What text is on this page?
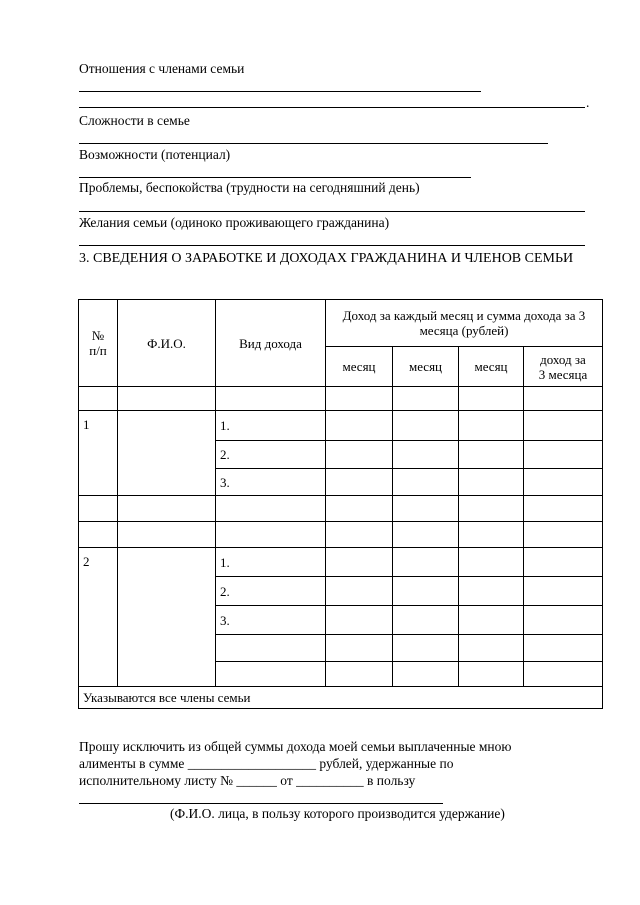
Отношения с членами семьи
.
Сложности в семье
Возможности (потенциал)
Проблемы, беспокойства (трудности на сегодняшний день)
Желания семьи (одиноко проживающего гражданина)
3. СВЕДЕНИЯ О ЗАРАБОТКЕ И ДОХОДАХ ГРАЖДАНИНА И ЧЛЕНОВ СЕМЬИ
№
п/п	Ф.И.О.	Вид дохода	Доход за каждый месяц и сумма дохода за 3 месяца (рублей)			
			месяц	месяц	месяц	доход за
3 месяца

1		1.				
		2.				
		3.				

2		1.				
		2.				
		3.				

Указываются все члены семьи						
Прошу исключить из общей суммы дохода моей семьи выплаченные мною
алименты в сумме ___________________ рублей, удержанные по
исполнительному листу № ______ от __________ в пользу
(Ф.И.О. лица, в пользу которого производится удержание)
